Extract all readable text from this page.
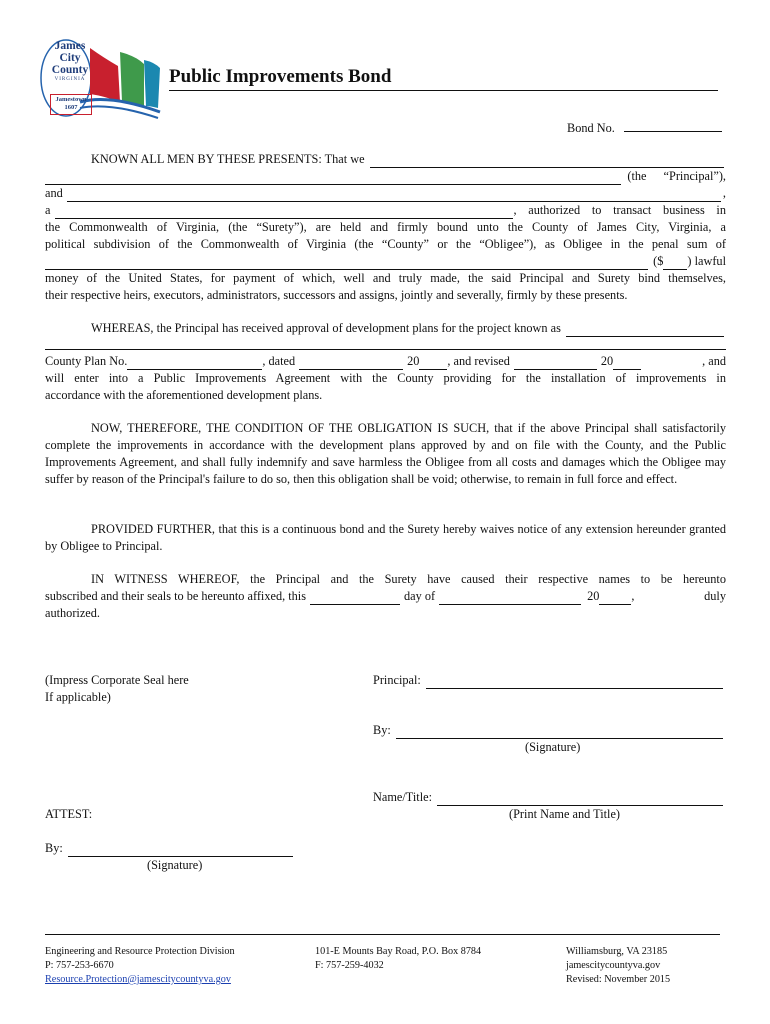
James
City
County
VIRGINIA
Jamestown
1607
Public Improvements Bond
Bond No.
KNOWN ALL MEN BY THESE PRESENTS: That we
(the “Principal”),
and	,
a	, authorized to transact business in
the Commonwealth of Virginia, (the “Surety”), are held and firmly bound unto the County of James City, Virginia, a
political subdivision of the Commonwealth of Virginia (the “County” or the “Obligee”), as Obligee in the penal sum of
($ ) lawful
money of the United States, for payment of which, well and truly made, the said Principal and Surety bind themselves,
their respective heirs, executors, administrators, successors and assigns, jointly and severally, firmly by these presents.
WHEREAS, the Principal has received approval of development plans for the project known as
County Plan No.	, dated	20 , and revised	20	, and
will enter into a Public Improvements Agreement with the County providing for the installation of improvements in
accordance with the aforementioned development plans.
NOW, THEREFORE, THE CONDITION OF THE OBLIGATION IS SUCH, that if the above Principal shall satisfactorily complete the improvements in accordance with the development plans approved by and on file with the County, and the Public Improvements Agreement, and shall fully indemnify and save harmless the Obligee from all costs and damages which the Obligee may suffer by reason of the Principal's failure to do so, then this obligation shall be void; otherwise, to remain in full force and effect.
PROVIDED FURTHER, that this is a continuous bond and the Surety hereby waives notice of any extension hereunder granted by Obligee to Principal.
IN WITNESS WHEREOF, the Principal and the Surety have caused their respective names to be hereunto
subscribed and their seals to be hereunto affixed, this	day of	20	,	duly
authorized.
(Impress Corporate Seal here
If applicable)
Principal:
By:
(Signature)
Name/Title:
(Print Name and Title)
ATTEST:
By:
(Signature)
Engineering and Resource Protection Division
P: 757-253-6670
Resource.Protection@jamescitycountyva.gov
101-E Mounts Bay Road, P.O. Box 8784
F: 757-259-4032
Williamsburg, VA 23185
jamescitycountyva.gov
Revised: November 2015
